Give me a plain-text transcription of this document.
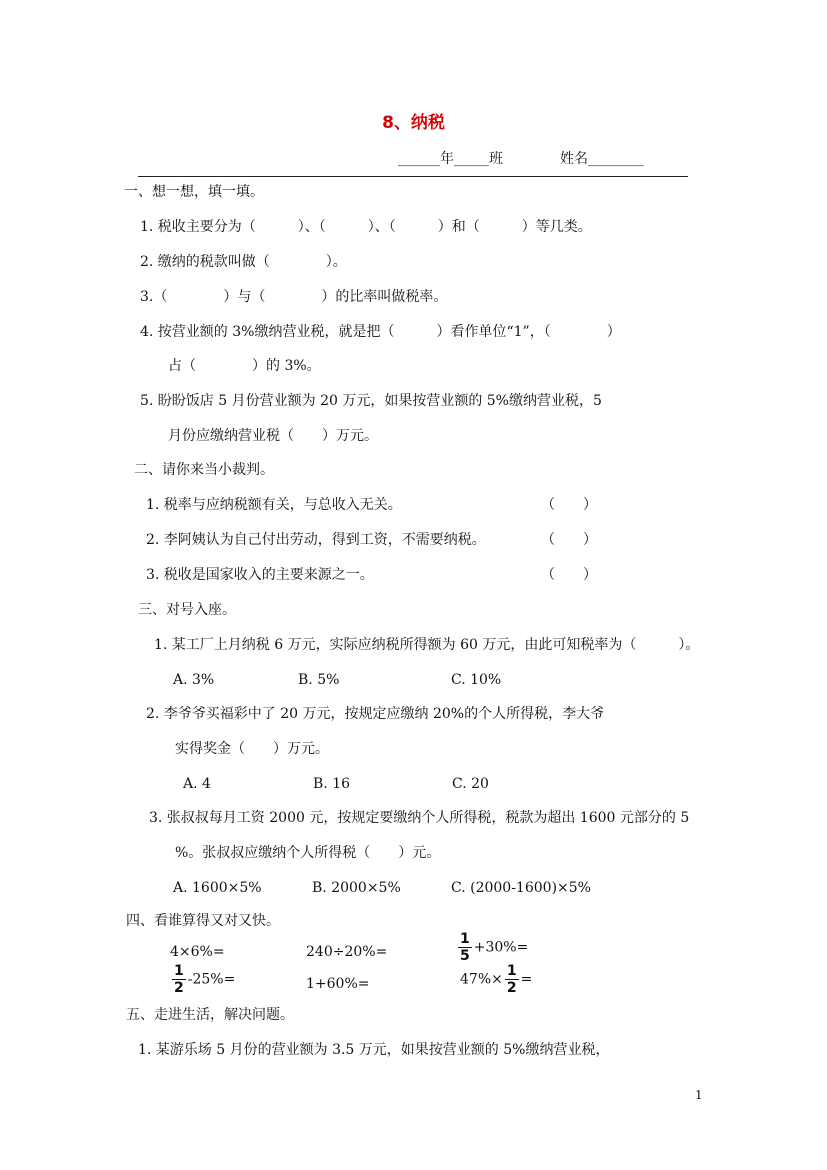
8、纳税
______年_____班	姓名________
一、想一想，填一填。
1. 税收主要分为（　　　）、（　　　）、（　　　）和（　　　）等几类。
2. 缴纳的税款叫做（　　　　）。
3.（　　　　）与（　　　　）的比率叫做税率。
4. 按营业额的 3%缴纳营业税，就是把（　　　）看作单位“1”，（　　　　）
占（　　　　）的 3%。
5. 盼盼饭店 5 月份营业额为 20 万元，如果按营业额的 5%缴纳营业税，5
月份应缴纳营业税（　　）万元。
二、请你来当小裁判。
1. 税率与应纳税额有关，与总收入无关。	（　　）
2. 李阿姨认为自己付出劳动，得到工资，不需要纳税。	（　　）
3. 税收是国家收入的主要来源之一。	（　　）
三、对号入座。
1. 某工厂上月纳税 6 万元，实际应纳税所得额为 60 万元，由此可知税率为（　　　）。
A. 3%	B. 5%	C. 10%
2. 李爷爷买福彩中了 20 万元，按规定应缴纳 20%的个人所得税，李大爷
实得奖金（　　）万元。
A. 4	B. 16	C. 20
3. 张叔叔每月工资 2000 元，按规定要缴纳个人所得税，税款为超出 1600 元部分的 5
%。张叔叔应缴纳个人所得税（　　）元。
A. 1600×5%	B. 2000×5%	C. (2000-1600)×5%
四、看谁算得又对又快。
4×6%=	240÷20%=	$\frac{1}{5} +30\%=$
$\frac{1}{2} -25\%=$	1+60%=	$47\%\times \frac{1}{2}$ =
五、走进生活，解决问题。
1. 某游乐场 5 月份的营业额为 3.5 万元，如果按营业额的 5%缴纳营业税，
1
